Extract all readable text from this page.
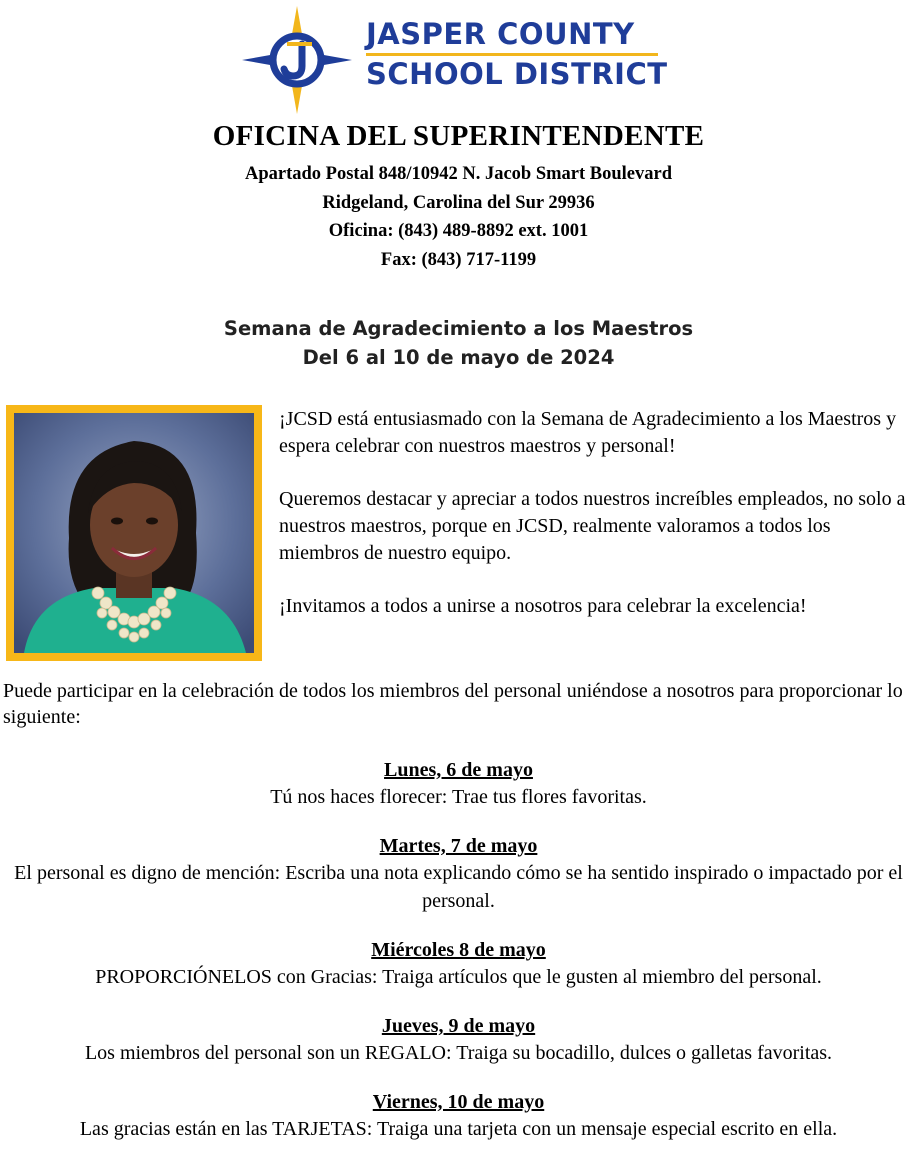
JASPER COUNTY
SCHOOL DISTRICT
OFICINA DEL SUPERINTENDENTE
Apartado Postal 848/10942 N. Jacob Smart Boulevard
Ridgeland, Carolina del Sur 29936
Oficina: (843) 489-8892 ext. 1001
Fax: (843) 717-1199
Semana de Agradecimiento a los Maestros
Del 6 al 10 de mayo de 2024

¡JCSD está entusiasmado con la Semana de Agradecimiento a los Maestros y espera celebrar con nuestros maestros y personal!

Queremos destacar y apreciar a todos nuestros increíbles empleados, no solo a nuestros maestros, porque en JCSD, realmente valoramos a todos los miembros de nuestro equipo.

¡Invitamos a todos a unirse a nosotros para celebrar la excelencia!

Puede participar en la celebración de todos los miembros del personal uniéndose a nosotros para proporcionar lo siguiente:

Lunes, 6 de mayo
Tú nos haces florecer: Trae tus flores favoritas.
Martes, 7 de mayo
El personal es digno de mención: Escriba una nota explicando cómo se ha sentido inspirado o impactado por el personal.
Miércoles 8 de mayo
PROPORCIÓNELOS con Gracias: Traiga artículos que le gusten al miembro del personal.
Jueves, 9 de mayo
Los miembros del personal son un REGALO: Traiga su bocadillo, dulces o galletas favoritas.
Viernes, 10 de mayo
Las gracias están en las TARJETAS: Traiga una tarjeta con un mensaje especial escrito en ella.
